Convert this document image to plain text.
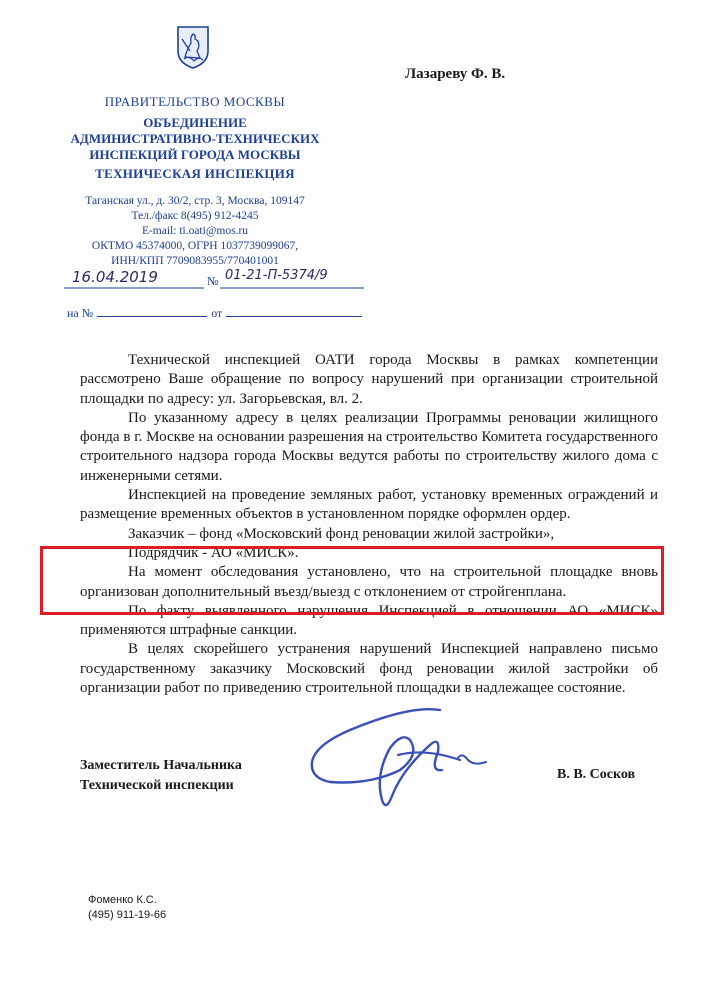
Лазареву Ф. В.
ПРАВИТЕЛЬСТВО МОСКВЫ
ОБЪЕДИНЕНИЕ
АДМИНИСТРАТИВНО-ТЕХНИЧЕСКИХ
ИНСПЕКЦИЙ ГОРОДА МОСКВЫ
ТЕХНИЧЕСКАЯ ИНСПЕКЦИЯ
Таганская ул., д. 30/2, стр. 3, Москва, 109147
Тел./факс 8(495) 912-4245
E-mail: ti.oati@mos.ru
ОКТМО 45374000, ОГРН 1037739099067,
ИНН/КПП 7709083955/770401001
16.04.2019	№ 01-21-П-5374/9
на №	от

Технической инспекцией ОАТИ города Москвы в рамках компетенции рассмотрено Ваше обращение по вопросу нарушений при организации строительной площадки по адресу: ул. Загорьевская, вл. 2.

По указанному адресу в целях реализации Программы реновации жилищного фонда в г. Москве на основании разрешения на строительство Комитета государственного строительного надзора города Москвы ведутся работы по строительству жилого дома с инженерными сетями.

Инспекцией на проведение земляных работ, установку временных ограждений и размещение временных объектов в установленном порядке оформлен ордер.

Заказчик – фонд «Московский фонд реновации жилой застройки»,

Подрядчик - АО «МИСК».

На момент обследования установлено, что на строительной площадке вновь организован дополнительный въезд/выезд с отклонением от стройгенплана.

По факту выявленного нарушения Инспекцией в отношении АО «МИСК» применяются штрафные санкции.

В целях скорейшего устранения нарушений Инспекцией направлено письмо государственному заказчику Московский фонд реновации жилой застройки об организации работ по приведению строительной площадки в надлежащее состояние.

Заместитель Начальника
Технической инспекции
В. В. Сосков
Фоменко К.С.
(495) 911-19-66
